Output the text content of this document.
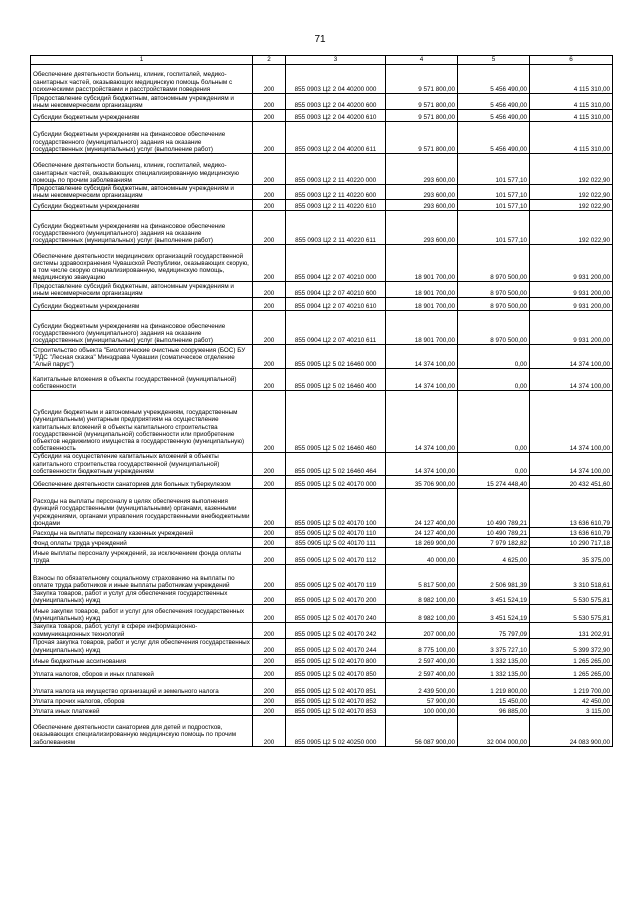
71
1	2	3	4	5	6
Обеспечение деятельности больниц, клиник, госпиталей, медико-санитарных частей, оказывающих медицинскую помощь больным с психическими расстройствами и расстройствами поведения	200	855 0903 Ц2 2 04 40200 000	9 571 800,00	5 456 490,00	4 115 310,00
Предоставление субсидий бюджетным, автономным учреждениям и иным некоммерческим организациям	200	855 0903 Ц2 2 04 40200 600	9 571 800,00	5 456 490,00	4 115 310,00
Субсидии бюджетным учреждениям	200	855 0903 Ц2 2 04 40200 610	9 571 800,00	5 456 490,00	4 115 310,00
Субсидии бюджетным учреждениям на финансовое обеспечение государственного (муниципального) задания на оказание государственных (муниципальных) услуг (выполнение работ)	200	855 0903 Ц2 2 04 40200 611	9 571 800,00	5 456 490,00	4 115 310,00
Обеспечение деятельности больниц, клиник, госпиталей, медико-санитарных частей, оказывающих специализированную медицинскую помощь по прочим заболеваниям	200	855 0903 Ц2 2 11 40220 000	293 600,00	101 577,10	192 022,90
Предоставление субсидий бюджетным, автономным учреждениям и иным некоммерческим организациям	200	855 0903 Ц2 2 11 40220 600	293 600,00	101 577,10	192 022,90
Субсидии бюджетным учреждениям	200	855 0903 Ц2 2 11 40220 610	293 600,00	101 577,10	192 022,90
Субсидии бюджетным учреждениям на финансовое обеспечение государственного (муниципального) задания на оказание государственных (муниципальных) услуг (выполнение работ)	200	855 0903 Ц2 2 11 40220 611	293 600,00	101 577,10	192 022,90
Обеспечение деятельности медицинских организаций государственной системы здравоохранения Чувашской Республики, оказывающих скорую, в том числе скорую специализированную, медицинскую помощь, медицинскую эвакуацию	200	855 0904 Ц2 2 07 40210 000	18 901 700,00	8 970 500,00	9 931 200,00
Предоставление субсидий бюджетным, автономным учреждениям и иным некоммерческим организациям	200	855 0904 Ц2 2 07 40210 600	18 901 700,00	8 970 500,00	9 931 200,00
Субсидии бюджетным учреждениям	200	855 0904 Ц2 2 07 40210 610	18 901 700,00	8 970 500,00	9 931 200,00
Субсидии бюджетным учреждениям на финансовое обеспечение государственного (муниципального) задания на оказание государственных (муниципальных) услуг (выполнение работ)	200	855 0904 Ц2 2 07 40210 611	18 901 700,00	8 970 500,00	9 931 200,00
Строительство объекта "Биологические очистные сооружения (БОС) БУ "РДС "Лесная сказка" Минздрава Чувашии (соматическое отделение "Алый парус")	200	855 0905 Ц2 5 02 16460 000	14 374 100,00	0,00	14 374 100,00
Капитальные вложения в объекты государственной (муниципальной) собственности	200	855 0905 Ц2 5 02 16460 400	14 374 100,00	0,00	14 374 100,00
Субсидии бюджетным и автономным учреждениям, государственным (муниципальным) унитарным предприятиям на осуществление капитальных вложений в объекты капитального строительства государственной (муниципальной) собственности или приобретение объектов недвижимого имущества в государственную (муниципальную) собственность	200	855 0905 Ц2 5 02 16460 460	14 374 100,00	0,00	14 374 100,00
Субсидии на осуществление капитальных вложений в объекты капитального строительства государственной (муниципальной) собственности бюджетным учреждениям	200	855 0905 Ц2 5 02 16460 464	14 374 100,00	0,00	14 374 100,00
Обеспечение деятельности санаториев для больных туберкулезом	200	855 0905 Ц2 5 02 40170 000	35 706 900,00	15 274 448,40	20 432 451,60
Расходы на выплаты персоналу в целях обеспечения выполнения функций государственными (муниципальными) органами, казенными учреждениями, органами управления государственными внебюджетными фондами	200	855 0905 Ц2 5 02 40170 100	24 127 400,00	10 490 789,21	13 636 610,79
Расходы на выплаты персоналу казенных учреждений	200	855 0905 Ц2 5 02 40170 110	24 127 400,00	10 490 789,21	13 636 610,79
Фонд оплаты труда учреждений	200	855 0905 Ц2 5 02 40170 111	18 269 900,00	7 979 182,82	10 290 717,18
Иные выплаты персоналу учреждений, за исключением фонда оплаты труда	200	855 0905 Ц2 5 02 40170 112	40 000,00	4 625,00	35 375,00
Взносы по обязательному социальному страхованию на выплаты по оплате труда работников и иные выплаты работникам учреждений	200	855 0905 Ц2 5 02 40170 119	5 817 500,00	2 506 981,39	3 310 518,61
Закупка товаров, работ и услуг для обеспечения государственных (муниципальных) нужд	200	855 0905 Ц2 5 02 40170 200	8 982 100,00	3 451 524,19	5 530 575,81
Иные закупки товаров, работ и услуг для обеспечения государственных (муниципальных) нужд	200	855 0905 Ц2 5 02 40170 240	8 982 100,00	3 451 524,19	5 530 575,81
Закупка товаров, работ, услуг в сфере информационно-коммуникационных технологий	200	855 0905 Ц2 5 02 40170 242	207 000,00	75 797,09	131 202,91
Прочая закупка товаров, работ и услуг для обеспечения государственных (муниципальных) нужд	200	855 0905 Ц2 5 02 40170 244	8 775 100,00	3 375 727,10	5 399 372,90
Иные бюджетные ассигнования	200	855 0905 Ц2 5 02 40170 800	2 597 400,00	1 332 135,00	1 265 265,00
Уплата налогов, сборов и иных платежей	200	855 0905 Ц2 5 02 40170 850	2 597 400,00	1 332 135,00	1 265 265,00
Уплата налога на имущество организаций и земельного налога	200	855 0905 Ц2 5 02 40170 851	2 439 500,00	1 219 800,00	1 219 700,00
Уплата прочих налогов, сборов	200	855 0905 Ц2 5 02 40170 852	57 900,00	15 450,00	42 450,00
Уплата иных платежей	200	855 0905 Ц2 5 02 40170 853	100 000,00	96 885,00	3 115,00
Обеспечение деятельности санаториев для детей и подростков, оказывающих специализированную медицинскую помощь по прочим заболеваниям	200	855 0905 Ц2 5 02 40250 000	56 087 900,00	32 004 000,00	24 083 900,00
